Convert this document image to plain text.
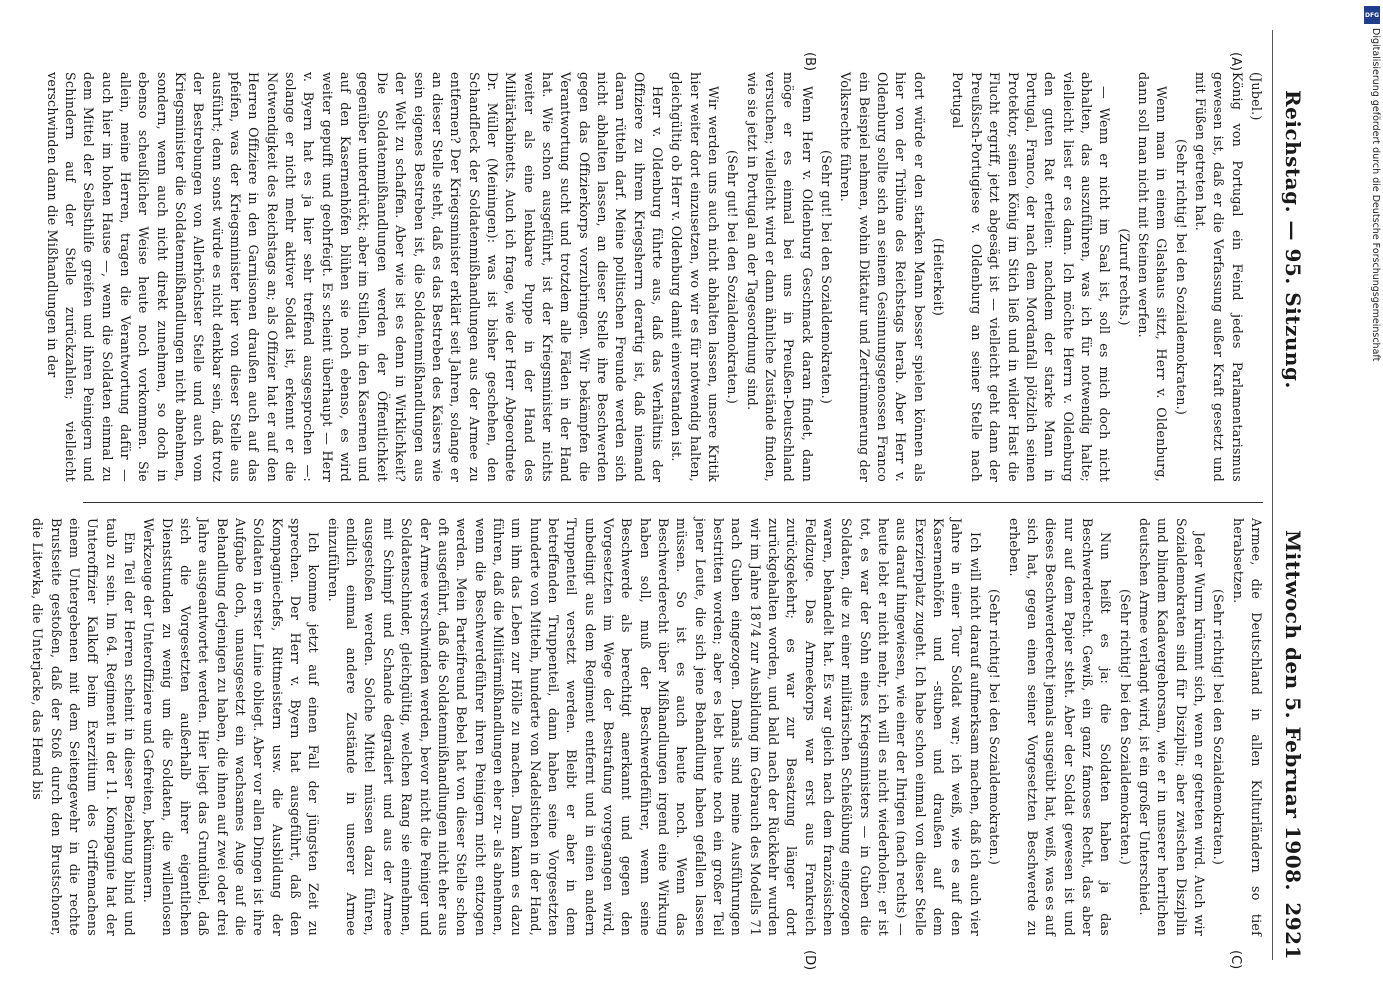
Reichstag. — 95. Sitzung.
Mittwoch den 5. Februar 1908.
2921
(A)
(B)
(C)
(D)

(Jubel.)

König von Portugal ein Feind jedes Parlamentarismus gewesen ist, daß er die Verfassung außer Kraft gesetzt und mit Füßen getreten hat.

(Sehr richtig! bei den Sozialdemokraten.)

Wenn man in einem Glashaus sitzt, Herr v. Oldenburg, dann soll man nicht mit Steinen werfen.

(Zuruf rechts.)

— Wenn er nicht im Saal ist, soll es mich doch nicht abhalten, das auszuführen, was ich für notwendig halte; vielleicht liest er es dann. Ich möchte Herrn v. Oldenburg den guten Rat erteilen: nachdem der starke Mann in Portugal, Franco, der nach dem Mordanfall plötzlich seinen Protektor, seinen König im Stich ließ und in wilder Hast die Flucht ergriff, jetzt abgesägt ist — vielleicht geht dann der Preußisch-Portugiese v. Oldenburg an seiner Stelle nach Portugal

(Heiterkeit)

dort würde er den starken Mann besser spielen können als hier von der Tribüne des Reichstags herab. Aber Herr v. Oldenburg sollte sich an seinem Gesinnungsgenossen Franco ein Beispiel nehmen, wohin Diktatur und Zertrümmerung der Volksrechte führen.

(Sehr gut! bei den Sozialdemokraten.)

Wenn Herr v. Oldenburg Geschmack daran findet, dann möge er es einmal bei uns in Preußen-Deutschland versuchen; vielleicht wird er dann ähnliche Zustände finden, wie sie jetzt in Portugal an der Tagesordnung sind.

(Sehr gut! bei den Sozialdemokraten.)

Wir werden uns auch nicht abhalten lassen, unsere Kritik hier weiter dort einzusetzen, wo wir es für notwendig halten, gleichgültig ob Herr v. Oldenburg damit einverstanden ist.

Herr v. Oldenburg führte aus, daß das Verhältnis der Offiziere zu ihrem Kriegsherrn derartig ist, daß niemand daran rütteln darf. Meine politischen Freunde werden sich nicht abhalten lassen, an dieser Stelle ihre Beschwerden gegen das Offizierkorps vorzubringen. Wir bekämpfen die Verantwortung sucht und trotzdem alle Fäden in der Hand hat. Wie schon ausgeführt, ist der Kriegsminister nichts weiter als eine lenkbare Puppe in der Hand des Militärkabinetts. Auch ich frage, wie der Herr Abgeordnete Dr. Müller (Meiningen): was ist bisher geschehen, den Schandfleck der Soldatenmißhandlungen aus der Armee zu entfernen? Der Kriegsminister erklärt seit Jahren, solange er an dieser Stelle steht, daß es das Bestreben des Kaisers wie sein eigenes Bestreben ist, die Soldatenmißhandlungen aus der Welt zu schaffen. Aber wie ist es denn in Wirklichkeit? Die Soldatenmißhandlungen werden der Öffentlichkeit gegenüber unterdrückt; aber im Stillen, in den Kasernen und auf den Kasernenhöfen blühen sie noch ebenso, es wird weiter gepufft und geohrfeigt. Es scheint überhaupt — Herr v. Byern hat es ja hier sehr treffend ausgesprochen —: solange er nicht mehr aktiver Soldat ist, erkennt er die Notwendigkeit des Reichstags an; als Offizier hat er auf den Herren Offiziere in den Garnisonen draußen auch auf das pfeifen, was der Kriegsminister hier von dieser Stelle aus ausführt; denn sonst würde es nicht denkbar sein, daß trotz der Bestrebungen von Allerhöchster Stelle und auch vom Kriegsminister die Soldatenmißhandlungen nicht abnehmen, sondern, wenn auch nicht direkt zunehmen, so doch in ebenso scheußlicher Weise heute noch vorkommen. Sie allein, meine Herren, tragen die Verantwortung dafür — auch hier im hohen Hause —, wenn die Soldaten einmal zu dem Mittel der Selbsthilfe greifen und ihren Peinigern und Schindern auf der Stelle zurückzahlen; vielleicht verschwinden dann die Mißhandlungen in der

Armee, die Deutschland in allen Kulturländern so tief herabsetzen.

(Sehr richtig! bei den Sozialdemokraten.)

Jeder Wurm krümmt sich, wenn er getreten wird. Auch wir Sozialdemokraten sind für Disziplin; aber zwischen Disziplin und blindem Kadavergehorsam, wie er in unserer herrlichen deutschen Armee verlangt wird, ist ein großer Unterschied.

(Sehr richtig! bei den Sozialdemokraten.)

Nun heißt es ja: die Soldaten haben ja das Beschwerderecht. Gewiß, ein ganz famoses Recht, das aber nur auf dem Papier steht. Aber der Soldat gewesen ist und dieses Beschwerderecht jemals ausgeübt hat, weiß, was es auf sich hat, gegen einen seiner Vorgesetzten Beschwerde zu erheben.

(Sehr richtig! bei den Sozialdemokraten.)

Ich will nicht darauf aufmerksam machen, daß ich auch vier Jahre in einer Tour Soldat war; ich weiß, wie es auf den Kasernenhöfen und -stuben und draußen auf dem Exerzierplatz zugeht. Ich habe schon einmal von dieser Stelle aus darauf hingewiesen, wie einer der Ihrigen (nach rechts) — heute lebt er nicht mehr, ich will es nicht wiederholen; er ist tot, es war der Sohn eines Kriegsministers — in Guben die Soldaten, die zu einer militärischen Schießübung eingezogen waren, behandelt hat. Es war gleich nach dem französischen Feldzuge. Das Armeekorps war erst aus Frankreich zurückgekehrt; es war zur Besatzung länger dort zurückgehalten worden, und bald nach der Rückkehr wurden wir im Jahre 1874 zur Ausbildung im Gebrauch des Modells 71 nach Guben eingezogen. Damals sind meine Ausführungen bestritten worden; aber es lebt heute noch ein großer Teil jener Leute, die sich jene Behandlung haben gefallen lassen müssen. So ist es auch heute noch. Wenn das Beschwerderecht über Mißhandlungen irgend eine Wirkung haben soll, muß der Beschwerdeführer, wenn seine Beschwerde als berechtigt anerkannt und gegen den Vorgesetzten im Wege der Bestrafung vorgegangen wird, unbedingt aus dem Regiment entfernt und in einen andern Truppenteil versetzt werden. Bleibt er aber in dem betreffenden Truppenteil, dann haben seine Vorgesetzten hunderte von Mitteln, hunderte von Nadelstichen in der Hand, um ihm das Leben zur Hölle zu machen. Dann kann es dazu führen, daß die Militärmißhandlungen eher zu- als abnehmen, wenn die Beschwerdeführer ihren Peinigern nicht entzogen werden. Mein Parteifreund Bebel hat von dieser Stelle schon oft ausgeführt, daß die Soldatenmißhandlungen nicht eher aus der Armee verschwinden werden, bevor nicht die Peiniger und Soldatenschinder, gleichgültig, welchen Rang sie einnehmen, mit Schimpf und Schande degradiert und aus der Armee ausgestoßen werden. Solche Mittel müssen dazu führen, endlich einmal andere Zustände in unserer Armee einzuführen.

Ich komme jetzt auf einen Fall der jüngsten Zeit zu sprechen. Der Herr v. Byern hat ausgeführt, daß den Kompagniechefs, Rittmeistern usw. die Ausbildung der Soldaten in erster Linie obliegt. Aber vor allen Dingen ist ihre Aufgabe doch, unausgesetzt ein wachsames Auge auf die Behandlung derjenigen zu haben, die ihnen auf zwei oder drei Jahre ausgeantwortet werden. Hier liegt das Grundübel, daß sich die Vorgesetzten außerhalb ihrer eigentlichen Dienststunden zu wenig um die Soldaten, die willenlosen Werkzeuge der Unteroffiziere und Gefreiten, bekümmern.

Ein Teil der Herren scheint in dieser Beziehung blind und taub zu sein. Im 64. Regiment in der 11. Kompagnie hat der Unteroffizier Kalkoff beim Exerzitium des Griffemachens einem Untergebenen mit dem Seitengewehr in die rechte Brustseite gestoßen, daß der Stoß durch den Brustschoner, die Litewka, die Unterjacke, das Hemd bis

DFG
Digitalisierung gefördert durch die Deutsche Forschungsgemeinschaft
